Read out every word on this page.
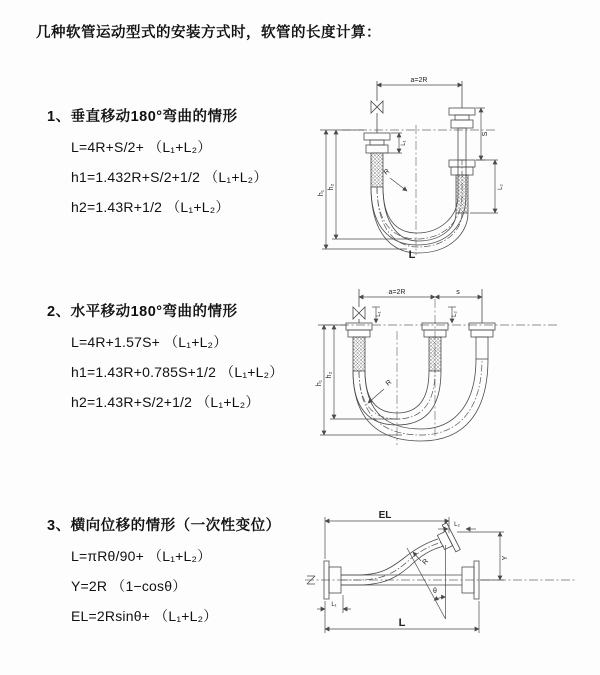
几种软管运动型式的安装方式时，软管的长度计算：
1、垂直移动180°弯曲的情形
L=4R+S/2+ （L₁+L₂）
h1=1.432R+S/2+1/2 （L₁+L₂）
h2=1.43R+1/2 （L₁+L₂）
2、水平移动180°弯曲的情形
L=4R+1.57S+ （L₁+L₂）
h1=1.43R+0.785S+1/2 （L₁+L₂）
h2=1.43R+S/2+1/2 （L₁+L₂）
3、横向位移的情形（一次性变位）
L=πRθ/90+ （L₁+L₂）
Y=2R （1−cosθ）
EL=2Rsinθ+ （L₁+L₂）
a=2R
S
L₂
h₁
h₂
L₁
R
L
a=2R	s
h₁
h₂
L₁	L₂
R
EL
L₂
Y
θ
R
L
L₁
